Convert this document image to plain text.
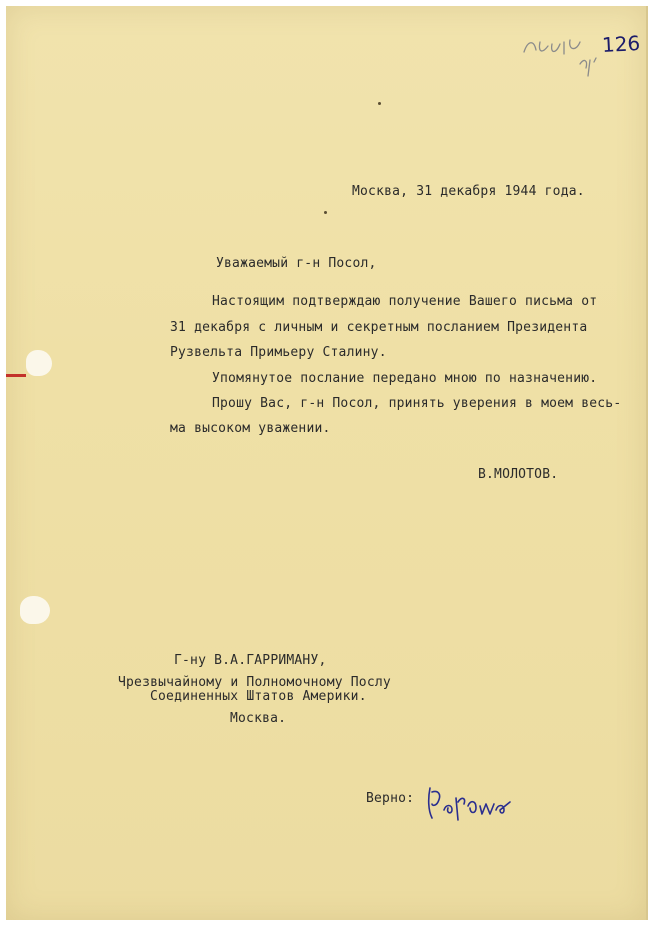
126
Москва, 31 декабря 1944 года.
Уважаемый г-н Посол,
Настоящим подтверждаю получение Вашего письма от
31 декабря с личным и секретным посланием Президента
Рузвельта Примьеру Сталину.
Упомянутое послание передано мною по назначению.
Прошу Вас, г-н Посол, принять уверения в моем весь-
ма высоком уважении.
В.МОЛОТОВ.
Г-ну В.А.ГАРРИМАНУ,
Чрезвычайному и Полномочному Послу
Соединенных Штатов Америки.
Москва.
Верно:
